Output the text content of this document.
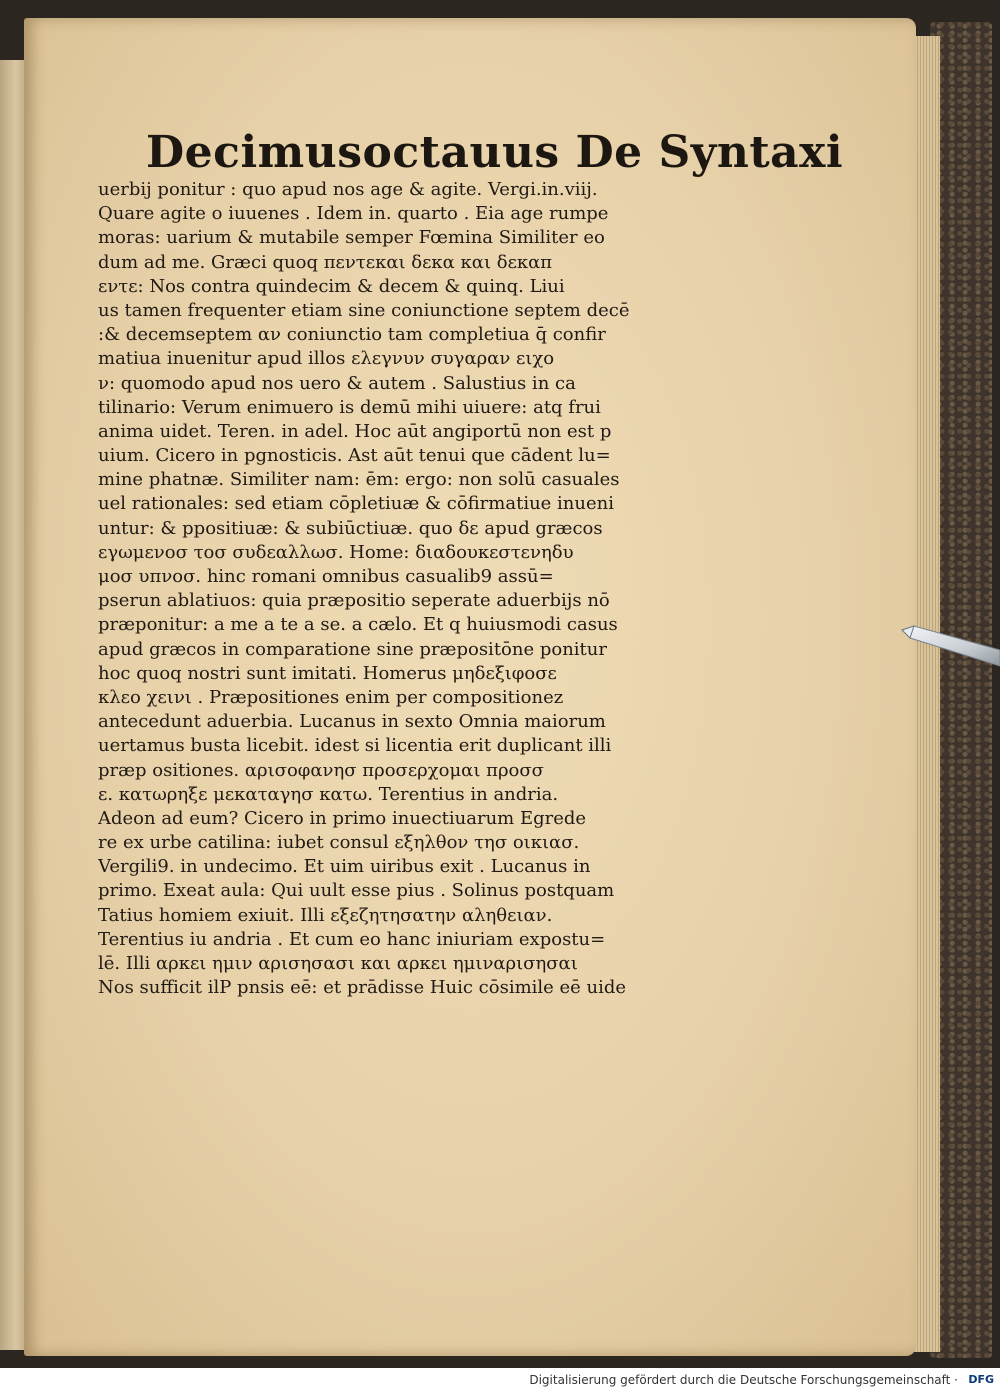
Decimusoctauus De Syntaxi
uerbij ponitur : quo apud nos age & agite. Vergi.in.viij.
Quare agite o iuuenes . Idem in. quarto . Eia age rumpe
moras: uarium & mutabile semper Fœmina Similiter eo
dum ad me. Græci quoq πεντεκαι δεκα και δεκαπ
εντε: Nos contra quindecim & decem & quinq. Liui
us tamen frequenter etiam sine coniunctione septem decē
:& decemseptem αν coniunctio tam completiua q̄ confir
matiua inuenitur apud illos ελεγνυν συγαραν ειχο
ν: quomodo apud nos uero & autem . Salustius in ca
tilinario: Verum enimuero is demū mihi uiuere: atq frui
anima uidet. Teren. in adel. Hoc aūt angiportū non est p
uium. Cicero in pgnosticis. Ast aūt tenui que cādent lu=
mine phatnæ. Similiter nam: ēm: ergo: non solū casuales
uel rationales: sed etiam cōpletiuæ & cōfirmatiue inueni
untur: & ppositiuæ: & subiūctiuæ. quo δε apud græcos
εγωμενοσ τοσ συδεαλλωσ. Home: διαδουκεστενηδυ
μοσ υπνοσ. hinc romani omnibus casualib9 assū=
pserun ablatiuos: quia præpositio seperate aduerbijs nō
præponitur: a me a te a se. a cælo. Et q huiusmodi casus
apud græcos in comparatione sine præpositōne ponitur
hoc quoq nostri sunt imitati. Homerus μηδεξιφοσε
κλεο χεινι . Præpositiones enim per compositionez
antecedunt aduerbia. Lucanus in sexto Omnia maiorum
uertamus busta licebit. idest si licentia erit duplicant illi
præp ositiones. αρισοφανησ προσερχομαι προσσ
ε. κατωρηξε μεκαταγησ κατω. Terentius in andria.
Adeon ad eum? Cicero in primo inuectiuarum Egrede
re ex urbe catilina: iubet consul εξηλθον τησ οικιασ.
Vergili9. in undecimo. Et uim uiribus exit . Lucanus in
primo. Exeat aula: Qui uult esse pius . Solinus postquam
Tatius homiem exiuit. Illi εξεζητησατην αληθειαν.
Terentius iu andria . Et cum eo hanc iniuriam expostu=
lē. Illi αρκει ημιν αρισησασι και αρκει ημιναρισησαι
Nos sufficit ilP pnsis eē: et prādisse Huic cōsimile eē uide
Digitalisierung gefördert durch die Deutsche Forschungsgemeinschaft · DFG
